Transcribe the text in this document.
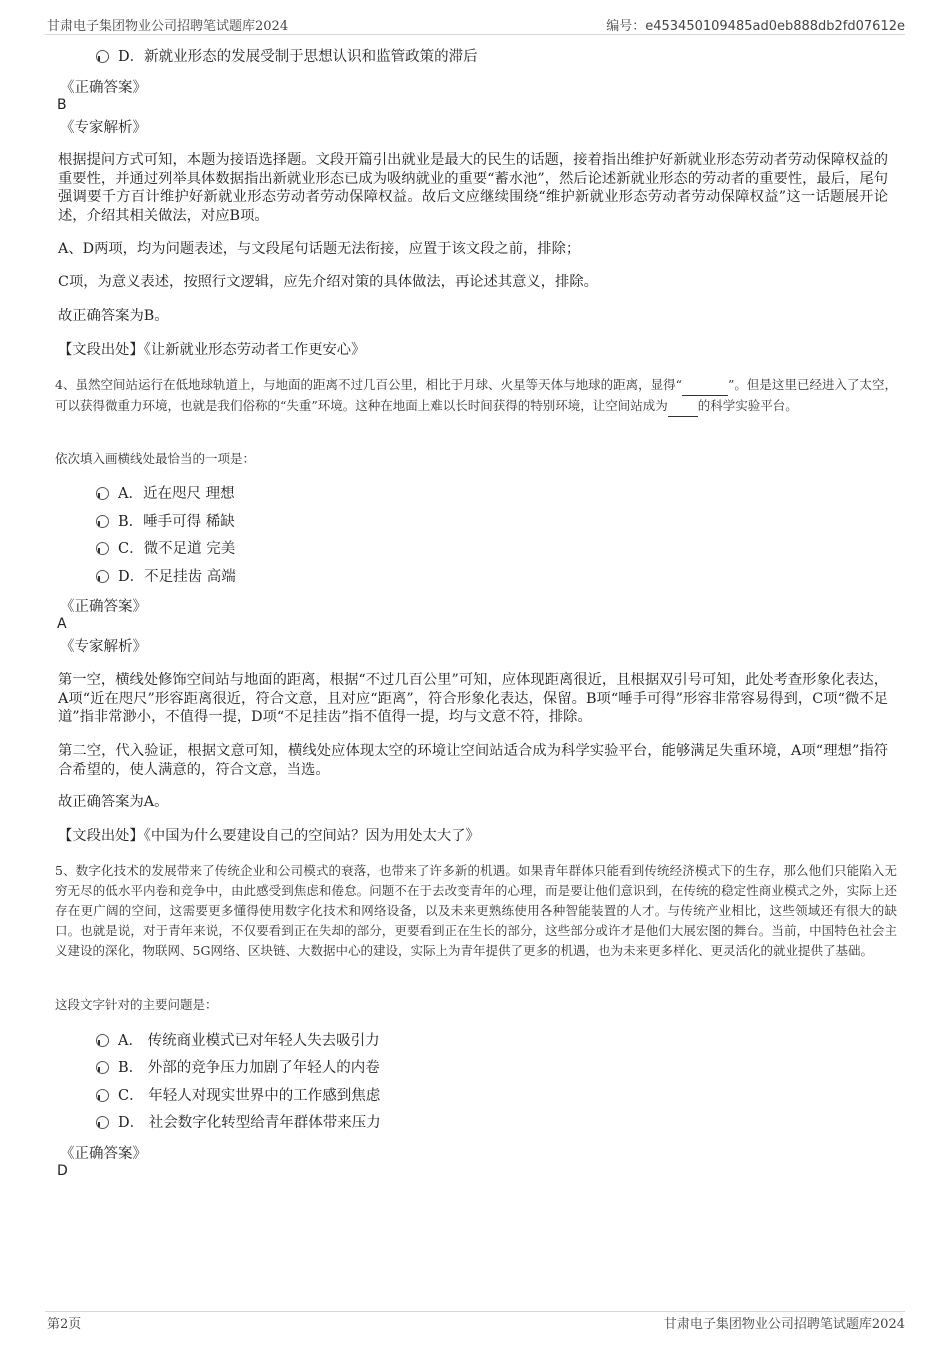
甘肃电子集团物业公司招聘笔试题库2024	编号：e453450109485ad0eb888db2fd07612e
D．新就业形态的发展受制于思想认识和监管政策的滞后
《正确答案》
B
《专家解析》
根据提问方式可知，本题为接语选择题。文段开篇引出就业是最大的民生的话题，接着指出维护好新就业形态劳动者劳动保障权益的重要性，并通过列举具体数据指出新就业形态已成为吸纳就业的重要“蓄水池”，然后论述新就业形态的劳动者的重要性，最后，尾句强调要千方百计维护好新就业形态劳动者劳动保障权益。故后文应继续围绕“维护新就业形态劳动者劳动保障权益”这一话题展开论述，介绍其相关做法，对应B项。
A、D两项，均为问题表述，与文段尾句话题无法衔接，应置于该文段之前，排除；
C项，为意义表述，按照行文逻辑，应先介绍对策的具体做法，再论述其意义，排除。
故正确答案为B。
【文段出处】《让新就业形态劳动者工作更安心》
4、虽然空间站运行在低地球轨道上，与地面的距离不过几百公里，相比于月球、火星等天体与地球的距离，显得“	”。但是这里已经进入了太空，可以获得微重力环境，也就是我们俗称的“失重”环境。这种在地面上难以长时间获得的特别环境，让空间站成为 的科学实验平台。
依次填入画横线处最恰当的一项是：
A．近在咫尺 理想
B．唾手可得 稀缺
C．微不足道 完美
D．不足挂齿 高端
《正确答案》
A
《专家解析》
第一空，横线处修饰空间站与地面的距离，根据“不过几百公里”可知，应体现距离很近，且根据双引号可知，此处考查形象化表达，A项“近在咫尺”形容距离很近，符合文意，且对应“距离”，符合形象化表达，保留。B项“唾手可得”形容非常容易得到，C项“微不足道”指非常渺小，不值得一提，D项“不足挂齿”指不值得一提，均与文意不符，排除。
第二空，代入验证，根据文意可知，横线处应体现太空的环境让空间站适合成为科学实验平台，能够满足失重环境，A项“理想”指符合希望的，使人满意的，符合文意，当选。
故正确答案为A。
【文段出处】《中国为什么要建设自己的空间站？因为用处太大了》
5、数字化技术的发展带来了传统企业和公司模式的衰落，也带来了许多新的机遇。如果青年群体只能看到传统经济模式下的生存，那么他们只能陷入无穷无尽的低水平内卷和竞争中，由此感受到焦虑和倦怠。问题不在于去改变青年的心理，而是要让他们意识到，在传统的稳定性商业模式之外，实际上还存在更广阔的空间，这需要更多懂得使用数字化技术和网络设备，以及未来更熟练使用各种智能装置的人才。与传统产业相比，这些领域还有很大的缺口。也就是说，对于青年来说，不仅要看到正在失却的部分，更要看到正在生长的部分，这些部分或许才是他们大展宏图的舞台。当前，中国特色社会主义建设的深化，物联网、5G网络、区块链、大数据中心的建设，实际上为青年提供了更多的机遇，也为未来更多样化、更灵活化的就业提供了基础。
这段文字针对的主要问题是：
A． 传统商业模式已对年轻人失去吸引力
B． 外部的竞争压力加剧了年轻人的内卷
C． 年轻人对现实世界中的工作感到焦虑
D． 社会数字化转型给青年群体带来压力
《正确答案》
D
第2页	甘肃电子集团物业公司招聘笔试题库2024
